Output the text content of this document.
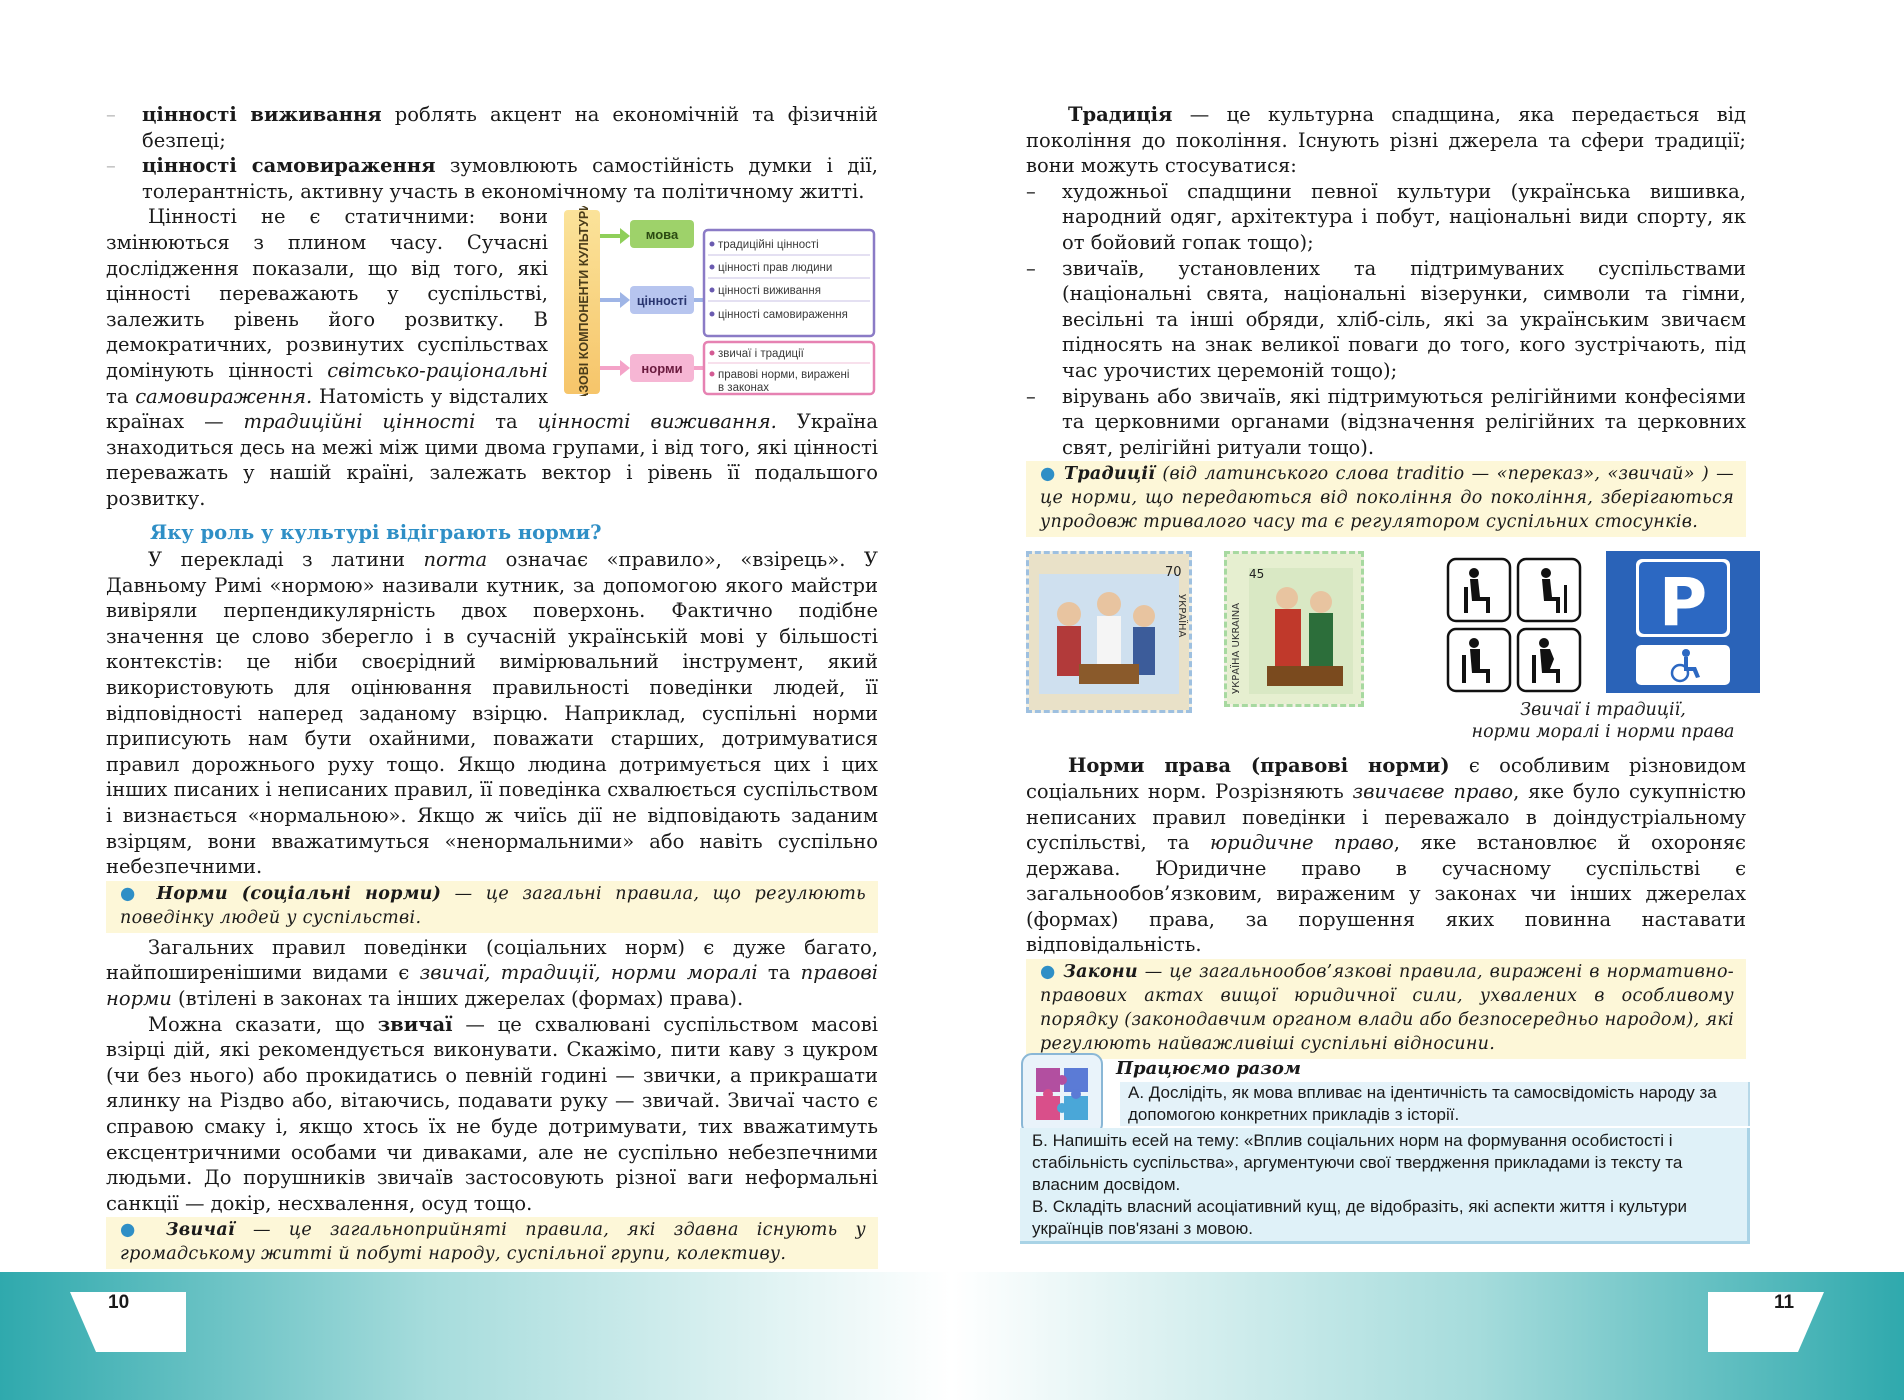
– цінності виживання роблять акцент на економічній та фізичній безпеці;
– цінності самовираження зумовлюють самостійність думки і дії, толерантність, активну участь в економічному та політичному житті.
БАЗОВІ КОМПОНЕНТИ КУЛЬТУРИ	мова
цінності
норми
традиційні цінності
цінності прав людини
цінності виживання
цінності самовираження
звичаї і традиції
правові норми, виражені
в законах

Цінності не є статичними: вони змінюються з плином часу. Сучасні дослідження показали, що від того, які цінності переважають у суспільстві, залежить рівень його розвитку. В демократичних, розвинутих суспільствах домінують цінності світсько-раціональні та самовираження. Натомість у відсталих країнах — традиційні цінності та цінності виживання. Україна знаходиться десь на межі між цими двома групами, і від того, які цінності переважать у нашій країні, залежать вектор і рівень її подальшого розвитку.

Яку роль у культурі відіграють норми?

У перекладі з латини norma означає «правило», «взірець». У Давньому Римі «нормою» називали кутник, за допомогою якого майстри вивіряли перпендикулярність двох поверхонь. Фактично подібне значення це слово зберегло і в сучасній українській мові у більшості контекстів: це ніби своєрідний вимірювальний інструмент, який використовують для оцінювання правильності поведінки людей, її відповідності наперед заданому взірцю. Наприклад, суспільні норми приписують нам бути охайними, поважати старших, дотримуватися правил дорожнього руху тощо. Якщо людина дотримується цих і цих інших писаних і неписаних правил, її поведінка схвалюється суспільством і визнається «нормальною». Якщо ж чиїсь дії не відповідають заданим взірцям, вони вважатимуться «ненормальними» або навіть суспільно небезпечними.

● Норми (соціальні норми) — це загальні правила, що регулюють поведінку людей у суспільстві.

Загальних правил поведінки (соціальних норм) є дуже багато, найпоширенішими видами є звичаї, традиції, норми моралі та правові норми (втілені в законах та інших джерелах (формах) права).

Можна сказати, що звичаї — це схвалювані суспільством масові взірці дій, які рекомендується виконувати. Скажімо, пити каву з цукром (чи без нього) або прокидатись о певній годині — звички, а прикрашати ялинку на Різдво або, вітаючись, подавати руку — звичай. Звичаї часто є справою смаку і, якщо хтось їх не буде дотримувати, тих вважатимуть ексцентричними особами чи диваками, але не суспільно небезпечними людьми. До порушників звичаїв застосовують різної ваги неформальні санкції — докір, несхвалення, осуд тощо.

● Звичаї — це загальноприйняті правила, які здавна існують у громадському житті й побуті народу, суспільної групи, колективу.
10

Традиція — це культурна спадщина, яка передається від покоління до покоління. Існують різні джерела та сфери традиції; вони можуть стосуватися:

– художньої спадщини певної культури (українська вишивка, народний одяг, архітектура і побут, національні види спорту, як от бойовий гопак тощо);
– звичаїв, установлених та підтримуваних суспільствами (національні свята, національні візерунки, символи та гімни, весільні та інші обряди, хліб-сіль, які за українським звичаєм підносять на знак великої поваги до того, кого зустрічають, під час урочистих церемоній тощо);
– вірувань або звичаїв, які підтримуються релігійними конфесіями та церковними органами (відзначення релігійних та церковних свят, релігійні ритуали тощо).
● Традиції (від латинського слова traditio — «переказ», «звичай» ) — це норми, що передаються від покоління до покоління, зберігаються упродовж тривалого часу та є регулятором суспільних стосунків.
70
УКРАЇНА
45
УКРАЇНА UKRAINA
P
Звичаї і традиції,
норми моралі і норми права

Норми права (правові норми) є особливим різновидом соціальних норм. Розрізняють звичаєве право, яке було сукупністю неписаних правил поведінки і переважало в доіндустріальному суспільстві, та юридичне право, яке встановлює й охороняє держава. Юридичне право в сучасному суспільстві є загальнообов’язковим, вираженим у законах чи інших джерелах (формах) права, за порушення яких повинна наставати відповідальність.

● Закони — це загальнообов’язкові правила, виражені в нормативно-правових актах вищої юридичної сили, ухвалених в особливому порядку (законодавчим органом влади або безпосередньо народом), які регулюють найважливіші суспільні відносини.
Працюємо разом
А. Дослідіть, як мова впливає на ідентичність та самосвідомість народу за допомогою конкретних прикладів з історії.
Б. Напишіть есей на тему: «Вплив соціальних норм на формування особистості і стабільність суспільства», аргументуючи свої твердження прикладами із тексту та власним досвідом.
В. Складіть власний асоціативний кущ, де відобразіть, які аспекти життя і культури українців пов'язані з мовою.
11
